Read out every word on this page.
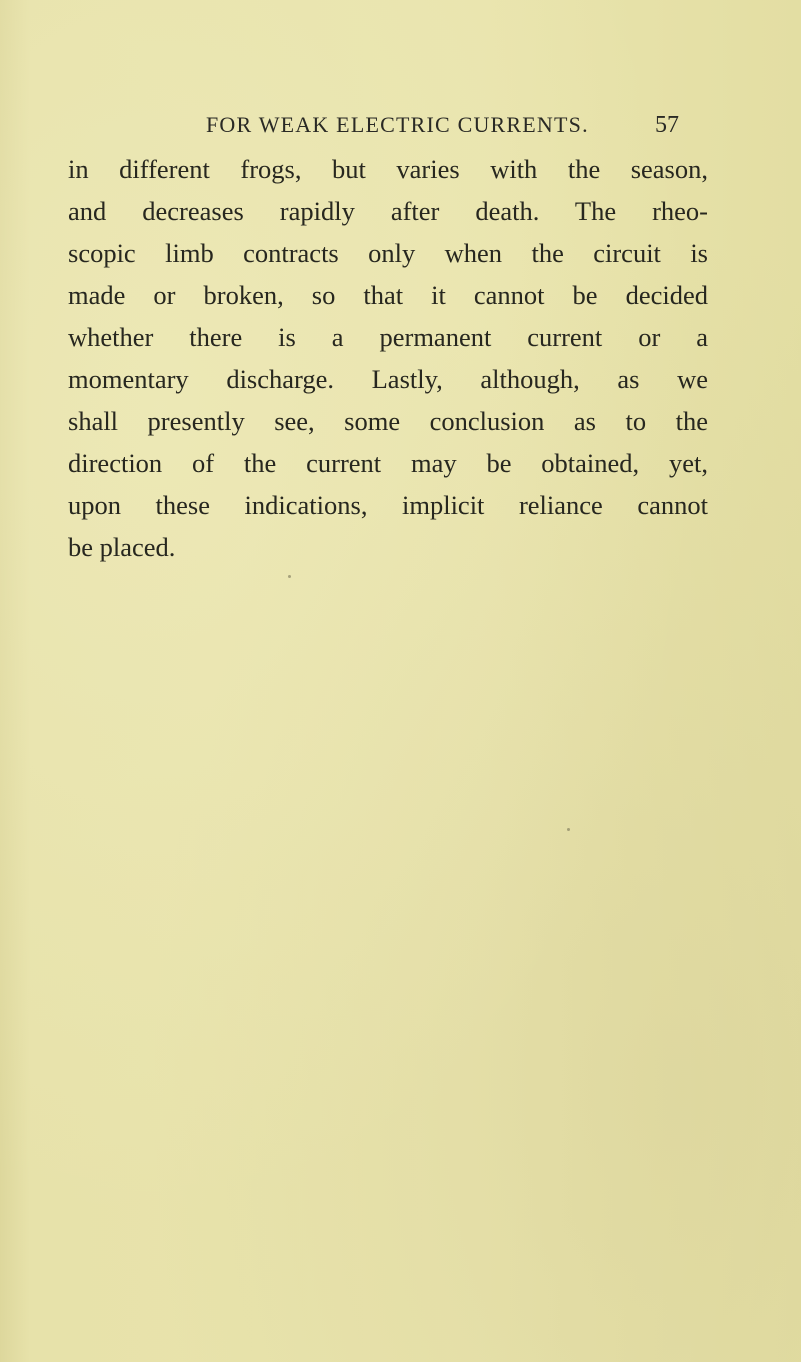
FOR WEAK ELECTRIC CURRENTS.	57
in different frogs, but varies with the season,
and decreases rapidly after death. The rheo-
scopic limb contracts only when the circuit is
made or broken, so that it cannot be decided
whether there is a permanent current or a
momentary discharge. Lastly, although, as we
shall presently see, some conclusion as to the
direction of the current may be obtained, yet,
upon these indications, implicit reliance cannot
be placed.
